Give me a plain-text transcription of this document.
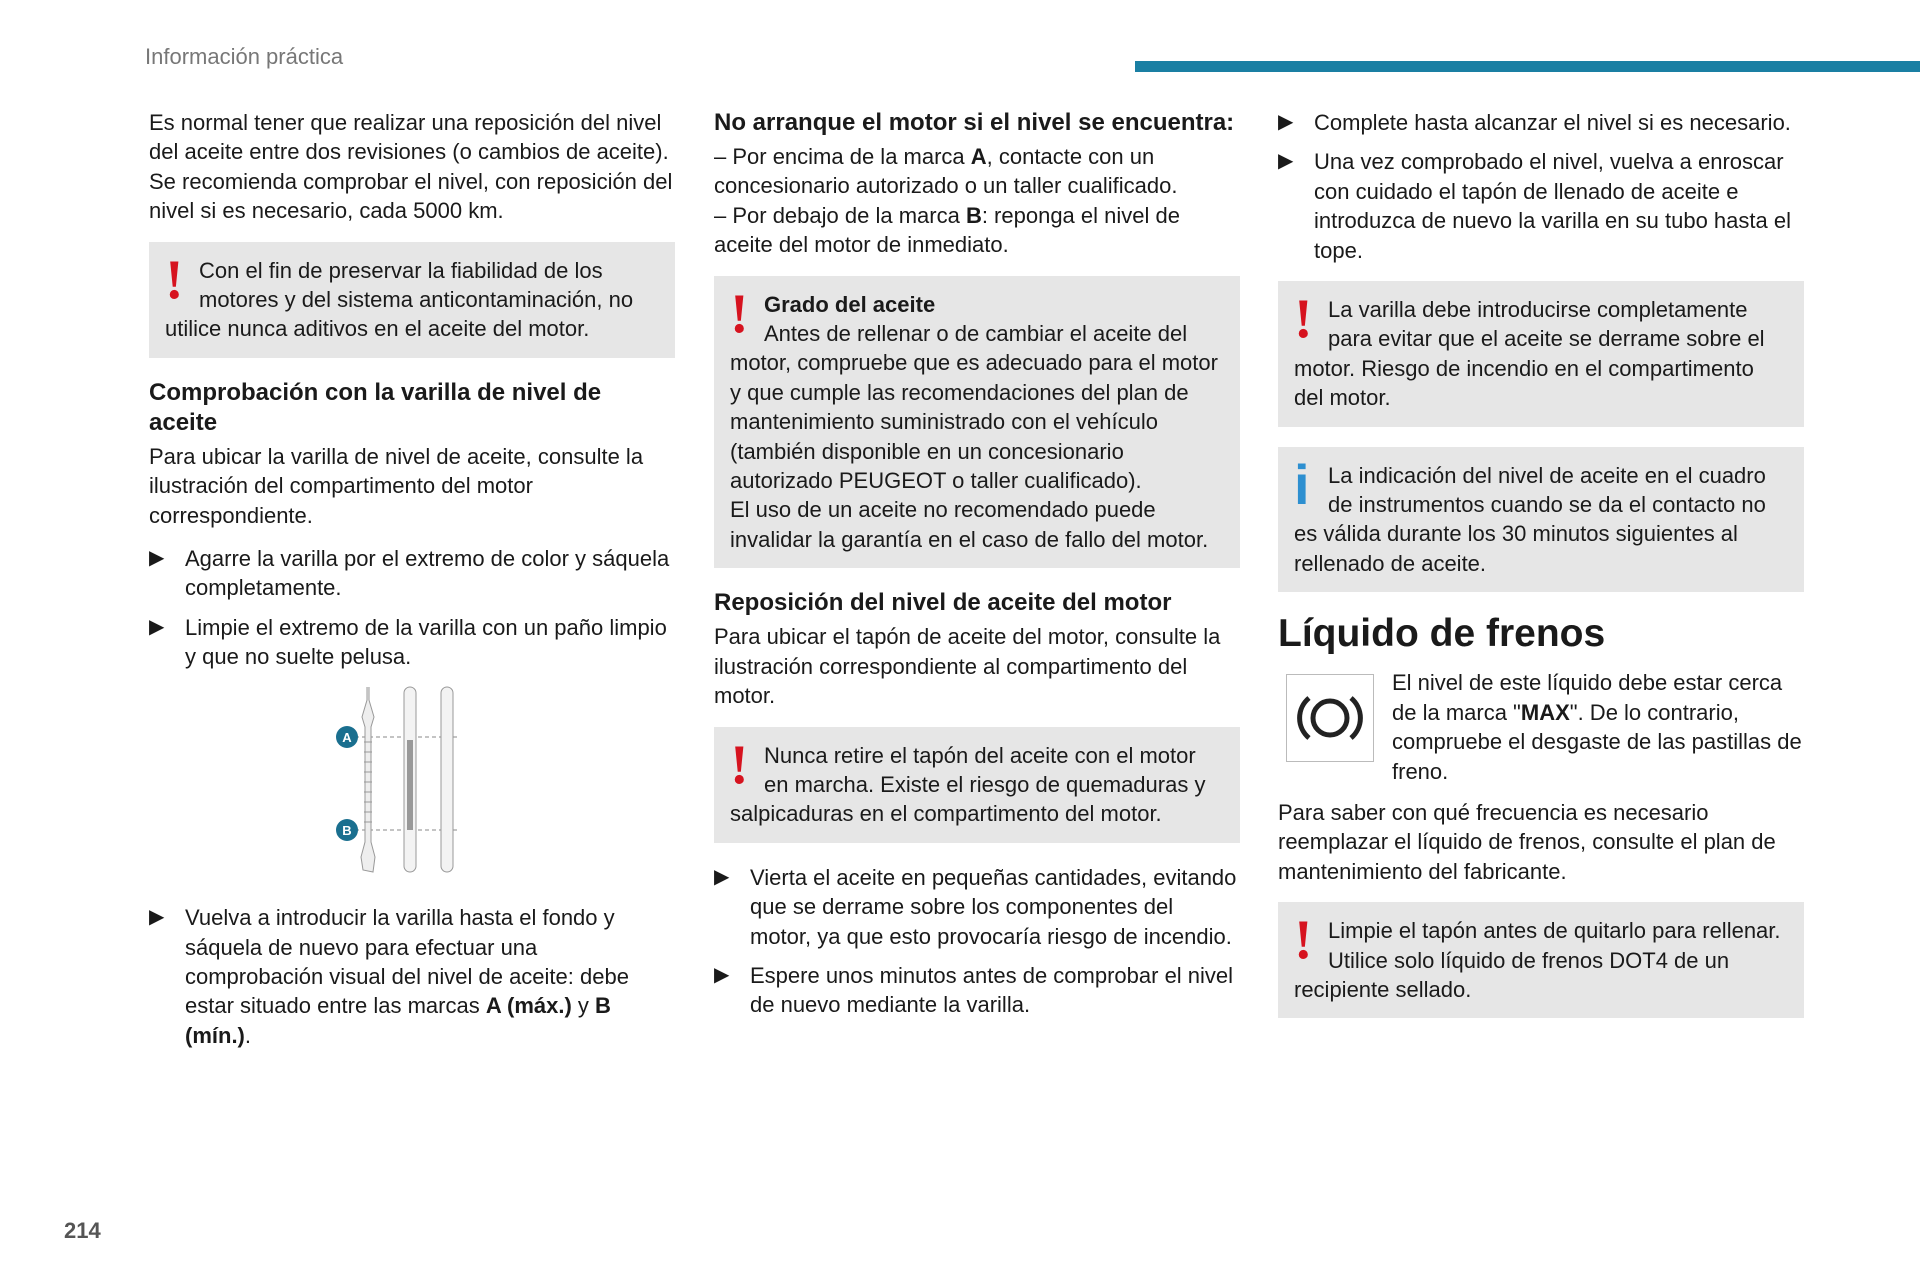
Información práctica
214

Es normal tener que realizar una reposición del nivel del aceite entre dos revisiones (o cambios de aceite). Se recomienda comprobar el nivel, con reposición del nivel si es necesario, cada 5000 km.

! Con el fin de preservar la fiabilidad de los motores y del sistema anticontaminación, no utilice nunca aditivos en el aceite del motor.
Comprobación con la varilla de nivel de aceite

Para ubicar la varilla de nivel de aceite, consulte la ilustración del compartimento del motor correspondiente.

▶ Agarre la varilla por el extremo de color y sáquela completamente.
▶ Limpie el extremo de la varilla con un paño limpio y que no suelte pelusa.
A
B
▶ Vuelva a introducir la varilla hasta el fondo y sáquela de nuevo para efectuar una comprobación visual del nivel de aceite: debe estar situado entre las marcas A (máx.) y B (mín.).
No arranque el motor si el nivel se encuentra:
– Por encima de la marca A, contacte con un concesionario autorizado o un taller cualificado.
– Por debajo de la marca B: reponga el nivel de aceite del motor de inmediato.
! Grado del aceite
Antes de rellenar o de cambiar el aceite del motor, compruebe que es adecuado para el motor y que cumple las recomendaciones del plan de mantenimiento suministrado con el vehículo (también disponible en un concesionario autorizado PEUGEOT o taller cualificado).
El uso de un aceite no recomendado puede invalidar la garantía en el caso de fallo del motor.
Reposición del nivel de aceite del motor

Para ubicar el tapón de aceite del motor, consulte la ilustración correspondiente al compartimento del motor.

! Nunca retire el tapón del aceite con el motor en marcha. Existe el riesgo de quemaduras y salpicaduras en el compartimento del motor.
▶ Vierta el aceite en pequeñas cantidades, evitando que se derrame sobre los componentes del motor, ya que esto provocaría riesgo de incendio.
▶ Espere unos minutos antes de comprobar el nivel de nuevo mediante la varilla.
▶ Complete hasta alcanzar el nivel si es necesario.
▶ Una vez comprobado el nivel, vuelva a enroscar con cuidado el tapón de llenado de aceite e introduzca de nuevo la varilla en su tubo hasta el tope.
! La varilla debe introducirse completamente para evitar que el aceite se derrame sobre el motor. Riesgo de incendio en el compartimento del motor.
i La indicación del nivel de aceite en el cuadro de instrumentos cuando se da el contacto no es válida durante los 30 minutos siguientes al rellenado de aceite.
Líquido de frenos
El nivel de este líquido debe estar cerca de la marca "MAX". De lo contrario, compruebe el desgaste de las pastillas de freno.

Para saber con qué frecuencia es necesario reemplazar el líquido de frenos, consulte el plan de mantenimiento del fabricante.

! Limpie el tapón antes de quitarlo para rellenar. Utilice solo líquido de frenos DOT4 de un recipiente sellado.
